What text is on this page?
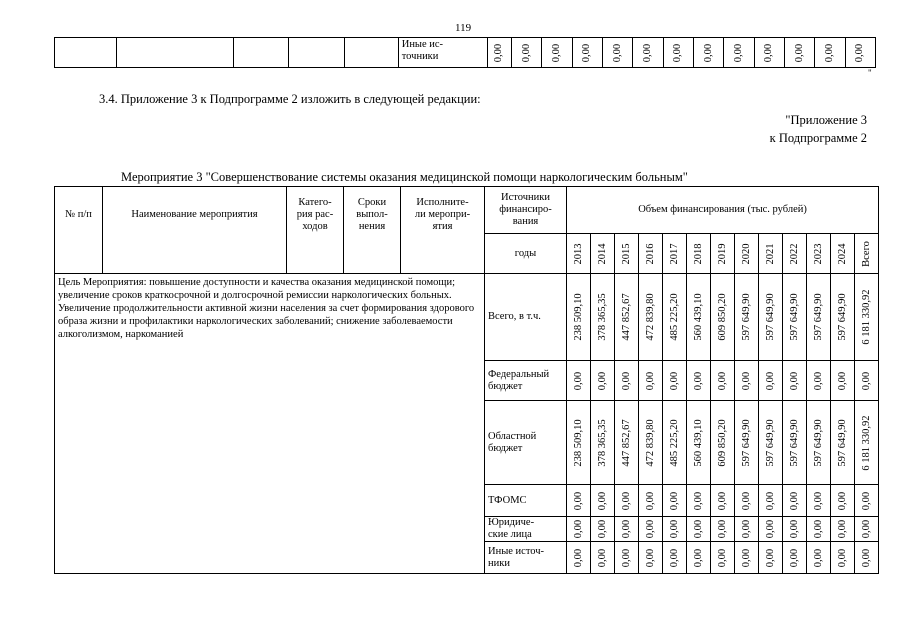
119
					Иные ис-
точники	0,00	0,00	0,00	0,00	0,00	0,00	0,00	0,00	0,00	0,00	0,00	0,00	0,00
"
3.4. Приложение 3 к Подпрограмме 2 изложить в следующей редакции:
"Приложение 3
к Подпрограмме 2
Мероприятие 3 "Совершенствование системы оказания медицинской помощи наркологическим больным"
№ п/п	Наименование мероприятия	Катего-
рия рас-
ходов	Сроки
выпол-
нения	Исполните-
ли меропри-
ятия	Источники
финансиро-
вания	Объем финансирования (тыс. рублей)												
					годы	2013	2014	2015	2016	2017	2018	2019	2020	2021	2022	2023	2024	Всего

Цель Мероприятия: повышение доступности и качества оказания медицинской помощи; увеличение сроков краткосрочной и долгосрочной ремиссии наркологических больных. Увеличение продолжительности активной жизни населения за счет формирования здорового образа жизни и профилактики наркологических заболеваний; снижение заболеваемости алкоголизмом, наркоманией					Всего, в т.ч.	238 509,10	378 365,35	447 852,67	472 839,80	485 225,20	560 439,10	609 850,20	597 649,90	597 649,90	597 649,90	597 649,90	597 649,90	6 181 330,92

					Федеральный бюджет	0,00	0,00	0,00	0,00	0,00	0,00	0,00	0,00	0,00	0,00	0,00	0,00	0,00

					Областной бюджет	238 509,10	378 365,35	447 852,67	472 839,80	485 225,20	560 439,10	609 850,20	597 649,90	597 649,90	597 649,90	597 649,90	597 649,90	6 181 330,92

					ТФОМС	0,00	0,00	0,00	0,00	0,00	0,00	0,00	0,00	0,00	0,00	0,00	0,00	0,00

					Юридиче-
ские лица	0,00	0,00	0,00	0,00	0,00	0,00	0,00	0,00	0,00	0,00	0,00	0,00	0,00

					Иные источ-
ники	0,00	0,00	0,00	0,00	0,00	0,00	0,00	0,00	0,00	0,00	0,00	0,00	0,00
